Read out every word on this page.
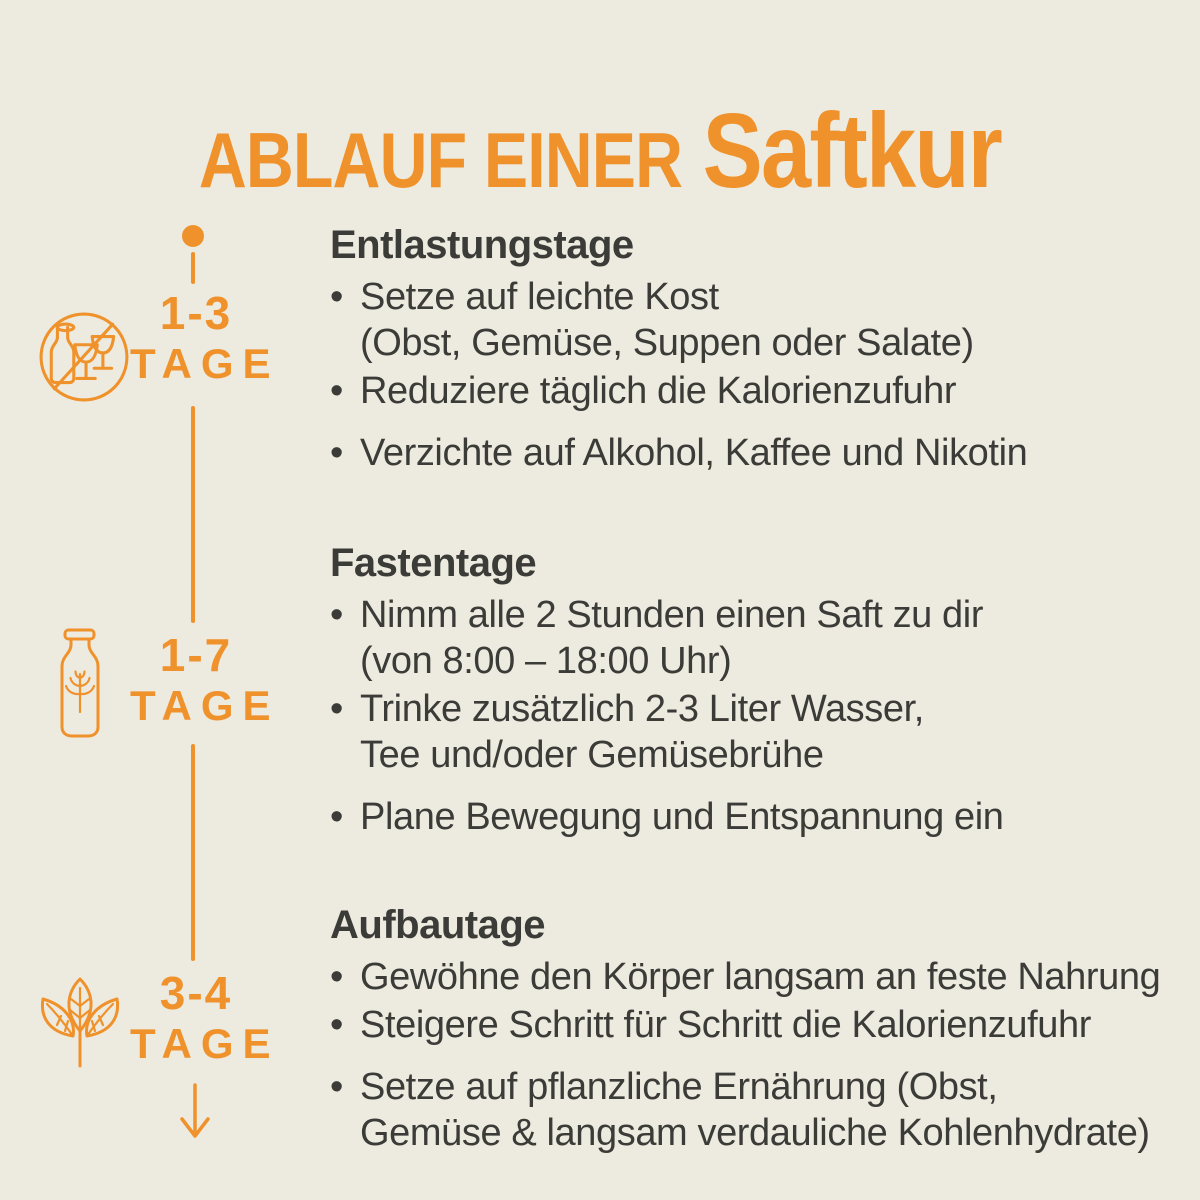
ABLAUF EINER Saftkur
1-3
TAGE
1-7
TAGE
3-4
TAGE
Entlastungstage
• Setze auf leichte Kost
(Obst, Gemüse, Suppen oder Salate)
• Reduziere täglich die Kalorienzufuhr
• Verzichte auf Alkohol, Kaffee und Nikotin
Fastentage
• Nimm alle 2 Stunden einen Saft zu dir
(von 8:00 – 18:00 Uhr)
• Trinke zusätzlich 2-3 Liter Wasser,
Tee und/oder Gemüsebrühe
• Plane Bewegung und Entspannung ein
Aufbautage
• Gewöhne den Körper langsam an feste Nahrung
• Steigere Schritt für Schritt die Kalorienzufuhr
• Setze auf pflanzliche Ernährung (Obst,
Gemüse & langsam verdauliche Kohlenhydrate)
